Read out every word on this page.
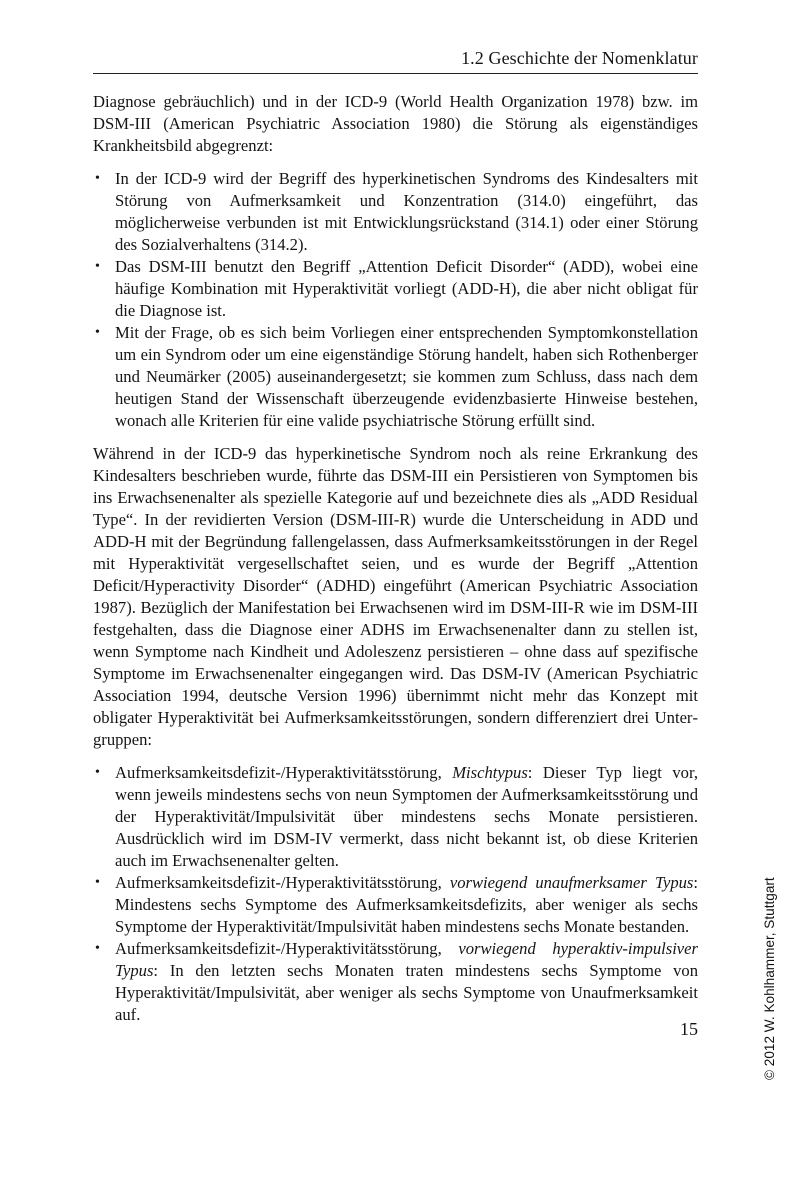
1.2 Geschichte der Nomenklatur

Diagnose gebräuchlich) und in der ICD-9 (World Health Organization 1978) bzw. im DSM-III (American Psychiatric Association 1980) die Störung als eigenständiges Krankheitsbild abgegrenzt:

• In der ICD-9 wird der Begriff des hyperkinetischen Syndroms des Kindesalters mit Störung von Aufmerksamkeit und Konzentration (314.0) eingeführt, das möglicherweise verbunden ist mit Entwicklungsrückstand (314.1) oder einer Störung des Sozialverhaltens (314.2).
• Das DSM-III benutzt den Begriff „Attention Deficit Disorder“ (ADD), wobei eine häufige Kombination mit Hyperaktivität vorliegt (ADD-H), die aber nicht obligat für die Diagnose ist.
• Mit der Frage, ob es sich beim Vorliegen einer entsprechenden Symptomkonstellation um ein Syndrom oder um eine eigenständige Störung handelt, haben sich Rothenberger und Neumärker (2005) auseinandergesetzt; sie kommen zum Schluss, dass nach dem heutigen Stand der Wissenschaft überzeugende evidenzbasierte Hinweise bestehen, wonach alle Kriterien für eine valide psychiatrische Störung erfüllt sind.

Während in der ICD-9 das hyperkinetische Syndrom noch als reine Erkrankung des Kindesalters beschrieben wurde, führte das DSM-III ein Persistieren von Symptomen bis ins Erwachsenenalter als spezielle Kategorie auf und bezeichnete dies als „ADD Residual Type“. In der revidierten Version (DSM-III-R) wurde die Unterscheidung in ADD und ADD-H mit der Begründung fallengelassen, dass Aufmerksamkeitsstörungen in der Regel mit Hyperaktivität vergesellschaftet seien, und es wurde der Begriff „Attention Deficit/Hyperactivity Disorder“ (ADHD) eingeführt (American Psychiatric Association 1987). Bezüglich der Manifestation bei Erwachsenen wird im DSM-III-R wie im DSM-III festgehalten, dass die Diagnose einer ADHS im Erwachsenenalter dann zu stellen ist, wenn Symptome nach Kindheit und Adoleszenz persistieren – ohne dass auf spezifische Symptome im Erwachsenenalter eingegangen wird. Das DSM-IV (American Psychiatric Association 1994, deutsche Version 1996) übernimmt nicht mehr das Konzept mit obligater Hyperaktivität bei Aufmerksamkeitsstörungen, sondern differenziert drei Untergruppen:

• Aufmerksamkeitsdefizit-/Hyperaktivitätsstörung, Mischtypus: Dieser Typ liegt vor, wenn jeweils mindestens sechs von neun Symptomen der Aufmerksamkeitsstörung und der Hyperaktivität/Impulsivität über mindestens sechs Monate persistieren. Ausdrücklich wird im DSM-IV vermerkt, dass nicht bekannt ist, ob diese Kriterien auch im Erwachsenenalter gelten.
• Aufmerksamkeitsdefizit-/Hyperaktivitätsstörung, vorwiegend unaufmerksamer Typus: Mindestens sechs Symptome des Aufmerksamkeitsdefizits, aber weniger als sechs Symptome der Hyperaktivität/Impulsivität haben mindestens sechs Monate bestanden.
• Aufmerksamkeitsdefizit-/Hyperaktivitätsstörung, vorwiegend hyperaktiv-impulsiver Typus: In den letzten sechs Monaten traten mindestens sechs Symptome von Hyperaktivität/Impulsivität, aber weniger als sechs Symptome von Unaufmerksamkeit auf.
15	© 2012 W. Kohlhammer, Stuttgart
